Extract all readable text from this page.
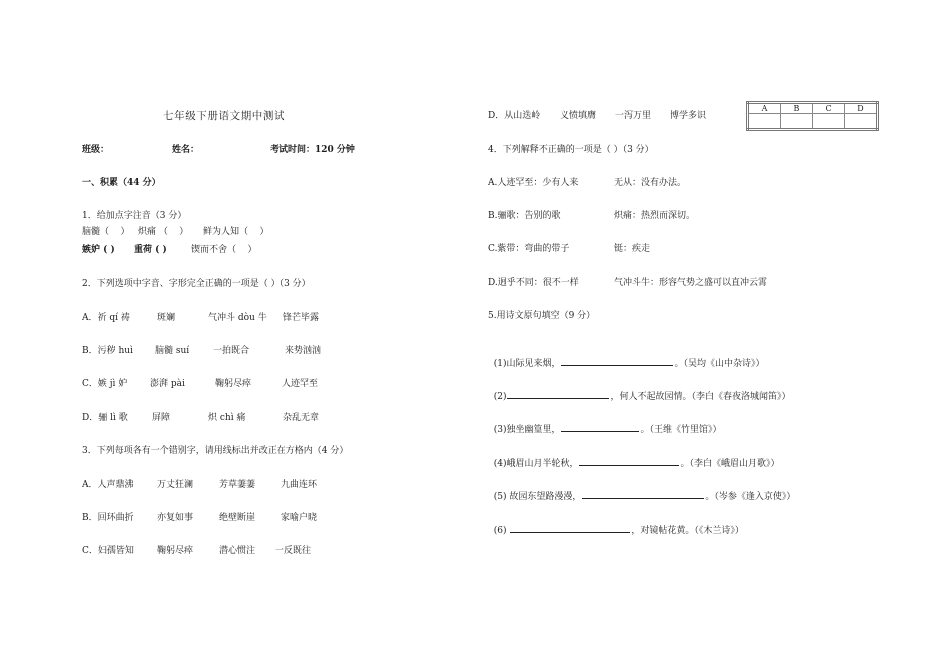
七年级下册语文期中测试
班级：	姓名：	考试时间：120 分钟
一、积累（44 分）
1．给加点字注音（3 分）
脑髓（    ） 炽痛 （    ） 鲜为人知（    ）
嫉妒 ( ) 重荷 ( )	锲而不舍（    ）
2．下列选项中字音、字形完全正确的一项是（ ）（3 分）
A．祈 qí 祷	斑斓	气冲斗 dòu 牛 锋芒毕露
B．污秽 huì 脑髓 suí	一拍既合	来势汹汹
C．嫉 jì 妒	澎湃 pài	鞠躬尽瘁	人迹罕至
D．骊 lì 歌	屏障	炽 chì 痛	杂乱无章
3．下列每项各有一个错别字，请用线标出并改正在方格内（4 分）
A．人声鼎沸	万丈狂澜	芳草萋萋	九曲连环
B．回环曲折	亦复如事	绝壁断崖	家喻户晓
C．妇孺皆知	鞠躬尽瘁	潜心惯注 一反既往
D．从山迭岭 义愤填膺 一泻万里 博学多识
A	B	C	D

4．下列解释不正确的一项是（ ）（3 分）
A.人迹罕至：少有人来	无从：没有办法。
B.骊歌：告别的歌	炽痛：热烈而深切。
C.紫带：弯曲的带子	铤：疾走
D.迥乎不同：很不一样	气冲斗牛：形容气势之盛可以直冲云霄
5.用诗文原句填空（9 分）

(1)山际见来烟，	。（吴均《山中杂诗》）

(2)	，何人不起故园情。（李白《春夜洛城闻笛》）

(3)独坐幽篁里，	。（王维《竹里馆》）

(4)峨眉山月半轮秋，	。（李白《峨眉山月歌》）

(5) 故园东望路漫漫，	。（岑参《逢入京使》）

(6)	，对镜帖花黄。（《木兰诗》）
